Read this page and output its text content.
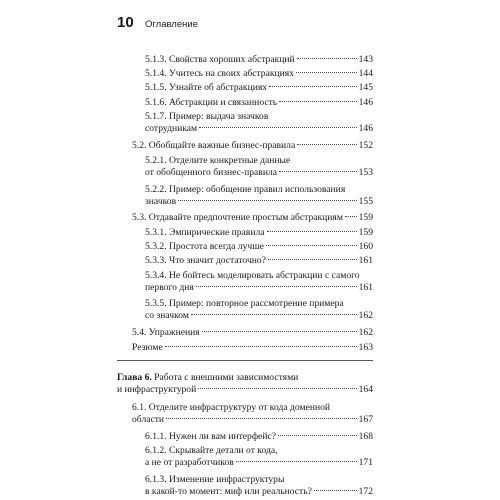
10	Оглавление
5.1.3. Свойства хороших абстракций	143
5.1.4. Учитесь на своих абстракциях	144
5.1.5. Узнайте об абстракциях	145
5.1.6. Абстракции и связанность	146
5.1.7. Пример: выдача значков
сотрудникам	146
5.2. Обобщайте важные бизнес-правила	152
5.2.1. Отделите конкретные данные
от обобщенного бизнес-правила	153
5.2.2. Пример: обобщение правил использования
значков	155
5.3. Отдавайте предпочтение простым абстракциям 159
5.3.1. Эмпирические правила	159
5.3.2. Простота всегда лучше	160
5.3.3. Что значит достаточно?	161
5.3.4. Не бойтесь моделировать абстракции с самого
первого дня	161
5.3.5. Пример: повторное рассмотрение примера
со значком	162
5.4. Упражнения	162
Резюме	163
Глава 6. Работа с внешними зависимостями
и инфраструктурой	164
6.1. Отделите инфраструктуру от кода доменной
области	167
6.1.1. Нужен ли вам интерфейс?	168
6.1.2. Скрывайте детали от кода,
а не от разработчиков	171
6.1.3. Изменение инфраструктуры
в какой-то момент: миф или реальность?	172
